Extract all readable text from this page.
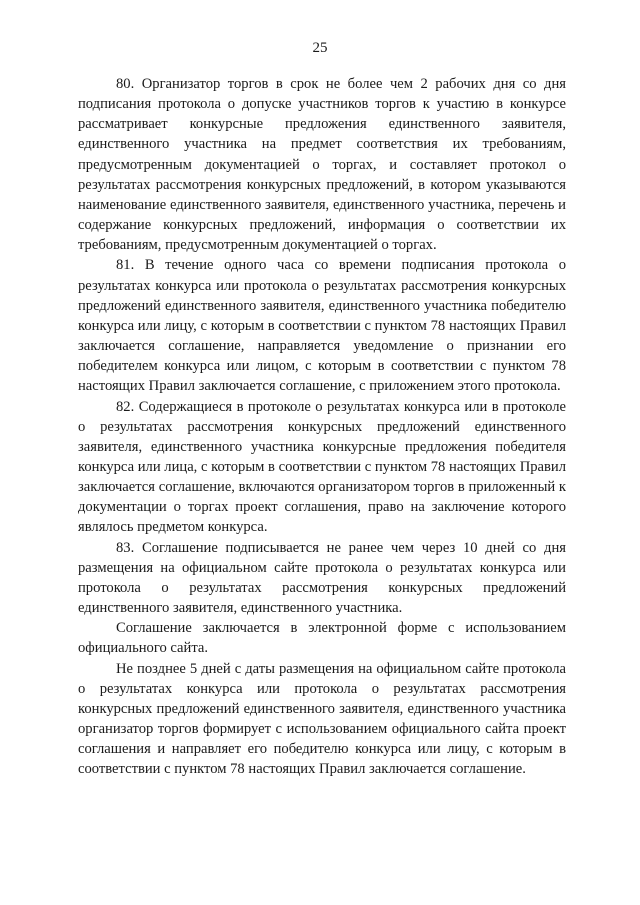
25

80. Организатор торгов в срок не более чем 2 рабочих дня со дня подписания протокола о допуске участников торгов к участию в конкурсе рассматривает конкурсные предложения единственного заявителя, единственного участника на предмет соответствия их требованиям, предусмотренным документацией о торгах, и составляет протокол о результатах рассмотрения конкурсных предложений, в котором указываются наименование единственного заявителя, единственного участника, перечень и содержание конкурсных предложений, информация о соответствии их требованиям, предусмотренным документацией о торгах.

81. В течение одного часа со времени подписания протокола о результатах конкурса или протокола о результатах рассмотрения конкурсных предложений единственного заявителя, единственного участника победителю конкурса или лицу, с которым в соответствии с пунктом 78 настоящих Правил заключается соглашение, направляется уведомление о признании его победителем конкурса или лицом, с которым в соответствии с пунктом 78 настоящих Правил заключается соглашение, с приложением этого протокола.

82. Содержащиеся в протоколе о результатах конкурса или в протоколе о результатах рассмотрения конкурсных предложений единственного заявителя, единственного участника конкурсные предложения победителя конкурса или лица, с которым в соответствии с пунктом 78 настоящих Правил заключается соглашение, включаются организатором торгов в приложенный к документации о торгах проект соглашения, право на заключение которого являлось предметом конкурса.

83. Соглашение подписывается не ранее чем через 10 дней со дня размещения на официальном сайте протокола о результатах конкурса или протокола о результатах рассмотрения конкурсных предложений единственного заявителя, единственного участника.

Соглашение заключается в электронной форме с использованием официального сайта.

Не позднее 5 дней с даты размещения на официальном сайте протокола о результатах конкурса или протокола о результатах рассмотрения конкурсных предложений единственного заявителя, единственного участника организатор торгов формирует с использованием официального сайта проект соглашения и направляет его победителю конкурса или лицу, с которым в соответствии с пунктом 78 настоящих Правил заключается соглашение.
